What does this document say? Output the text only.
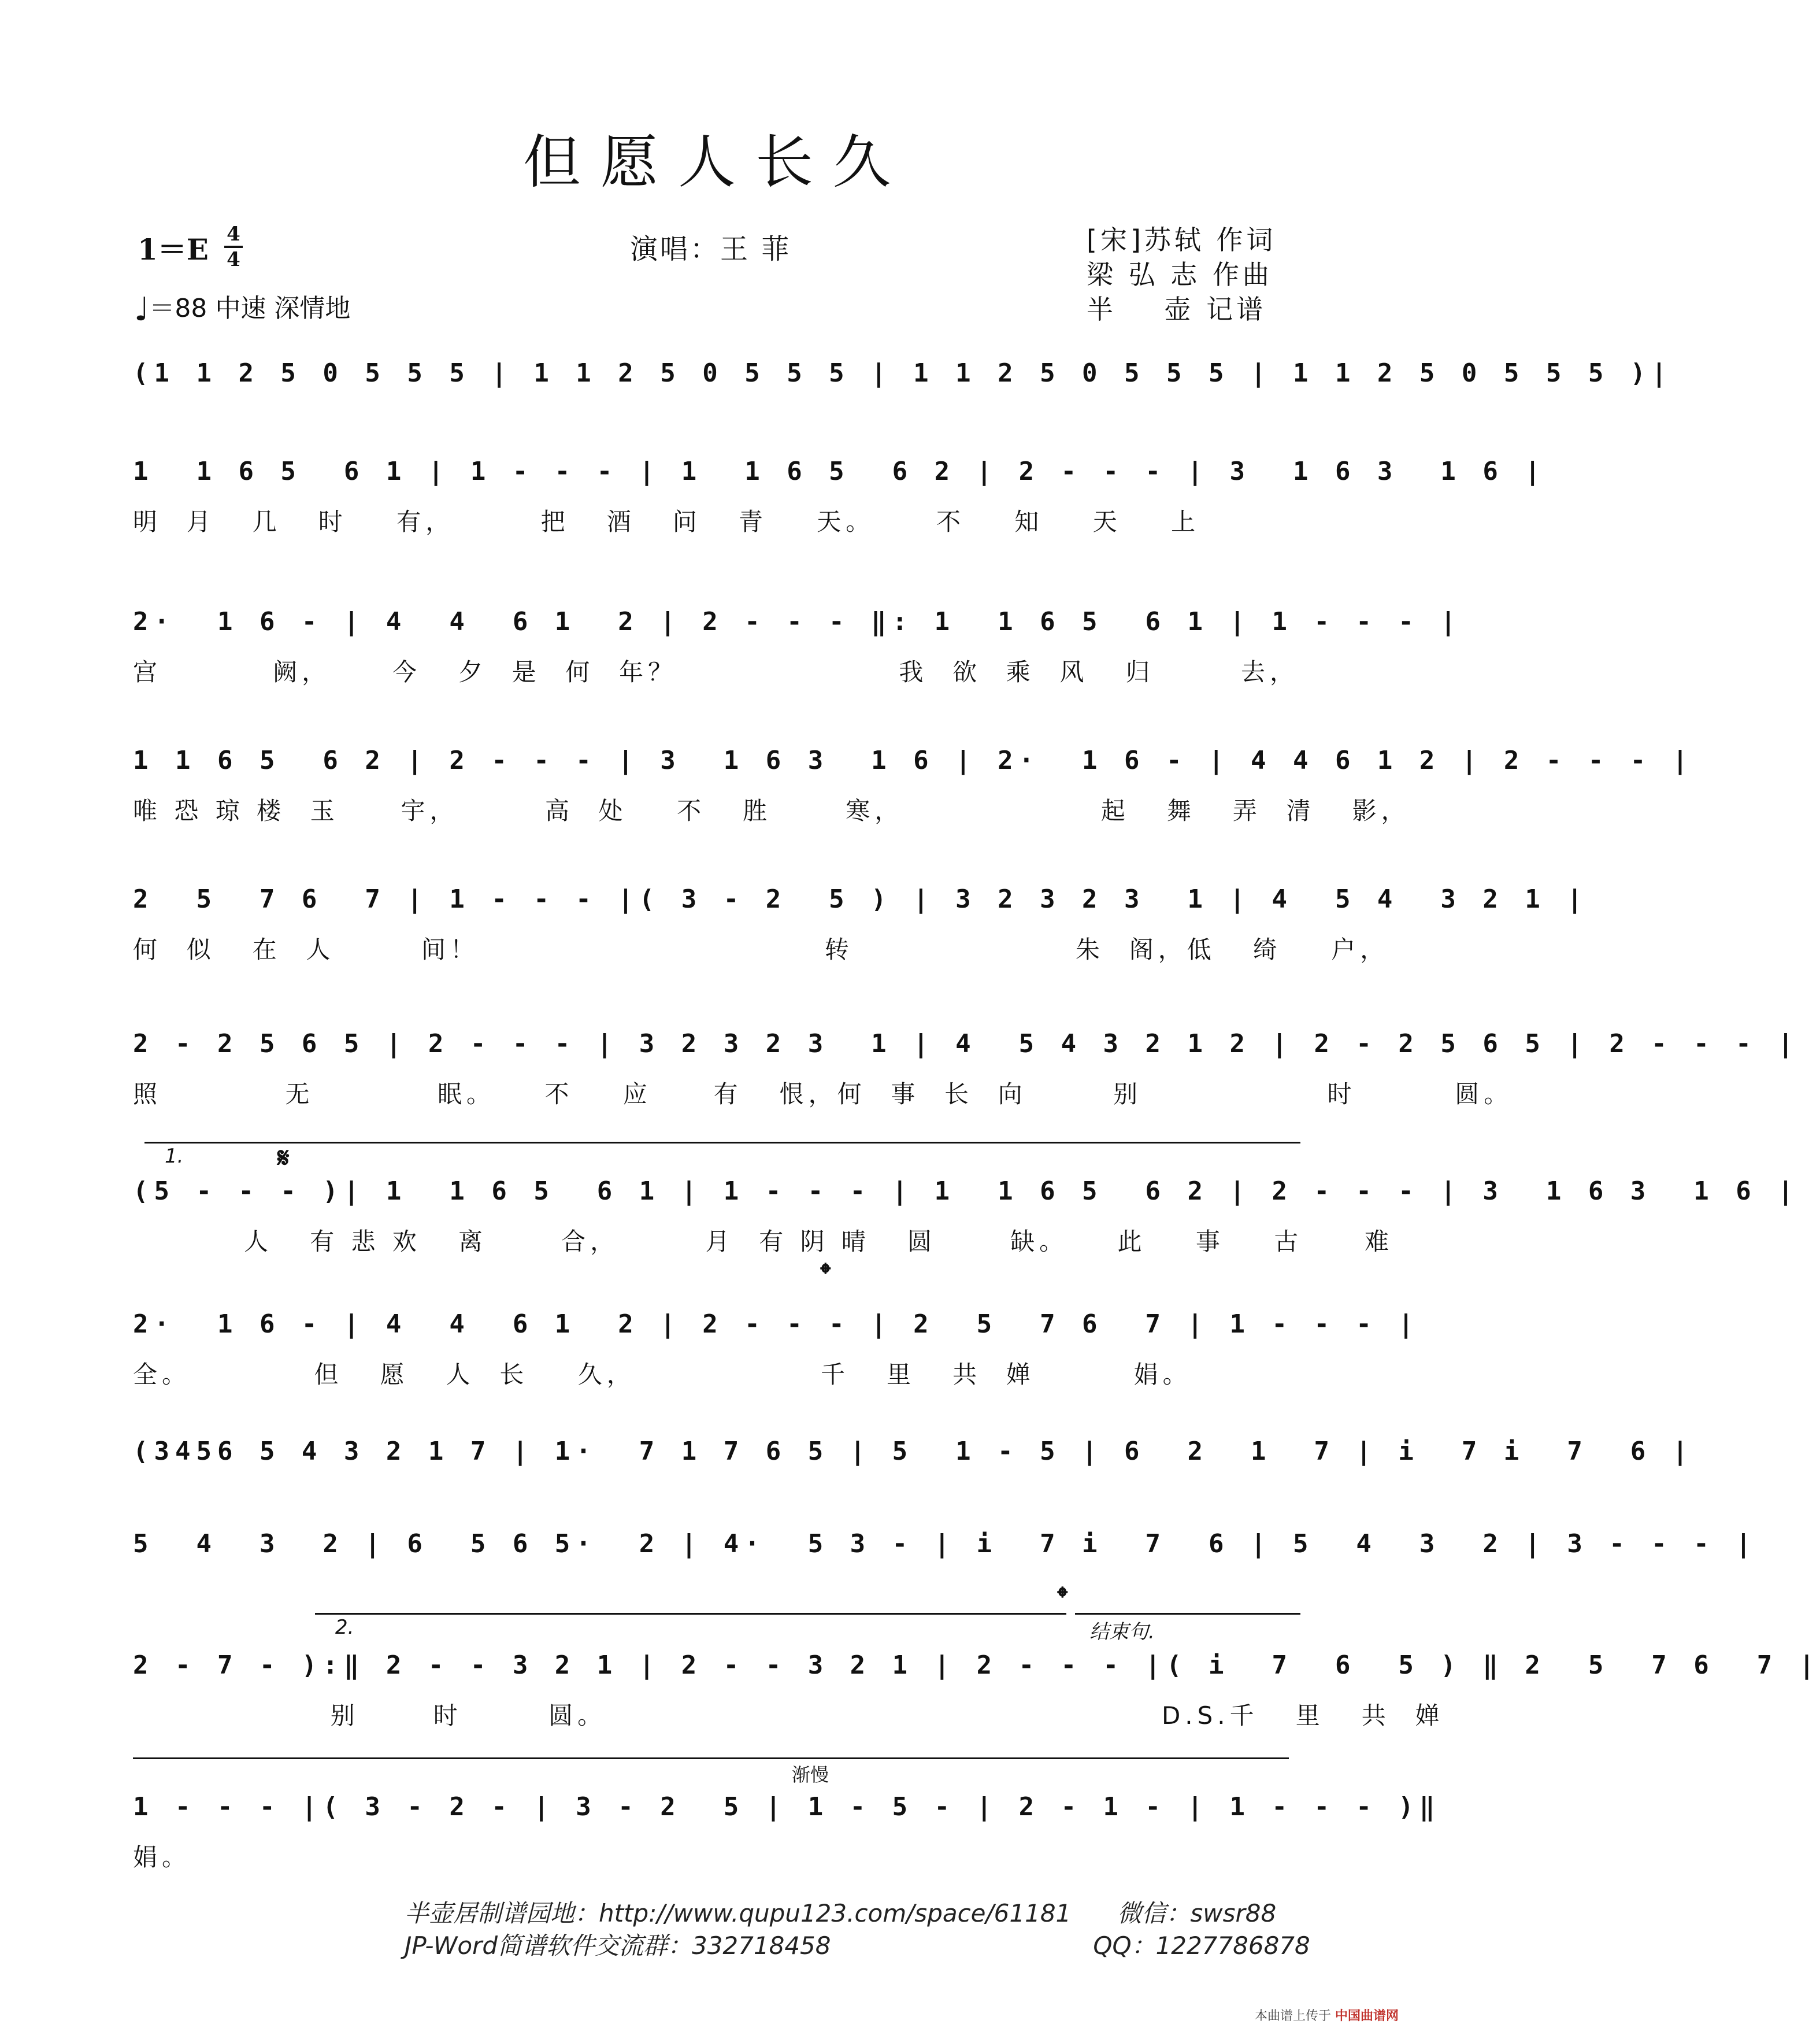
但愿人长久
1＝E 4
4
♩＝88 中速 深情地
演唱：王 菲	[宋]苏轼 作词
梁 弘 志 作曲
半    壶 记谱
(1 1 2 5 0 5 5 5 | 1 1 2 5 0 5 5 5 | 1 1 2 5 0 5 5 5 | 1 1 2 5 0 5 5 5 )|
1  1 6 5  6 1 | 1 - - - | 1  1 6 5  6 2 | 2 - - - | 3  1 6 3  1 6 |
明  月   几   时    有，       把   酒   问   青    天。     不    知    天    上
2·  1 6 - | 4  4  6 1  2 | 2 - - - ‖: 1  1 6 5  6 1 | 1 - - - |
宫         阙，     今   夕  是  何  年？                  我  欲  乘  风   归       去，
1 1 6 5  6 2 | 2 - - - | 3  1 6 3  1 6 | 2·  1 6 - | 4 4 6 1 2 | 2 - - - |
唯 恐 琼 楼  玉     宇，       高  处    不   胜      寒，                起   舞   弄  清   影，
2  5  7 6  7 | 1 - - - |( 3 - 2  5 ) | 3 2 3 2 3  1 | 4  5 4  3 2 1 |
何  似   在  人       间！                            转                  朱  阁，低   绮    户，
2 - 2 5 6 5 | 2 - - - | 3 2 3 2 3  1 | 4  5 4 3 2 1 2 | 2 - 2 5 6 5 | 2 - - - |
照          无          眠。    不    应     有   恨，何  事  长  向       别               时        圆。
1.	𝄋
(5 - - - )| 1  1 6 5  6 1 | 1 - - - | 1  1 6 5  6 2 | 2 - - - | 3  1 6 3  1 6 |
人   有 悲 欢   离      合，       月  有 阴 晴   圆      缺。    此    事    古     难
𝄌
2·  1 6 - | 4  4  6 1  2 | 2 - - - | 2  5  7 6  7 | 1 - - - |
全。          但   愿   人  长    久，               千   里   共  婵        娟。
(3456 5 4 3 2 1 7 | 1·  7 1 7 6 5 | 5  1 - 5 | 6  2  1  7 | i  7 i  7  6 |
5  4  3  2 | 6  5 6 5·  2 | 4·  5 3 - | i  7 i  7  6 | 5  4  3  2 | 3 - - - |
2.
𝄌
结束句.
2 - 7 - ):‖ 2 - - 3 2 1 | 2 - - 3 2 1 | 2 - - - |( i  7  6  5 ) ‖ 2  5  7 6  7 |
别      时       圆。                                             D.S.千   里   共  婵
渐慢
1 - - - |( 3 - 2 - | 3 - 2  5 | 1 - 5 - | 2 - 1 - | 1 - - - )‖
娟。
半壶居制谱园地：http://www.qupu123.com/space/61181      微信：swsr88
JP-Word简谱软件交流群：332718458                                  QQ：1227786878
本曲谱上传于 中国曲谱网
